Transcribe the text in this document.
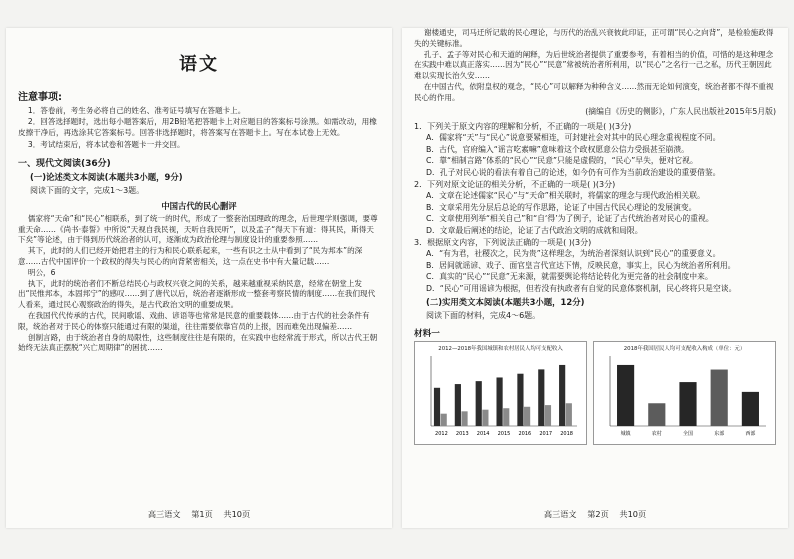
语文
注意事项:

1．答卷前，考生务必将自己的姓名、准考证号填写在答题卡上。

2．回答选择题时，选出每小题答案后，用2B铅笔把答题卡上对应题目的答案标号涂黑。如需改动，用橡皮擦干净后，再选涂其它答案标号。回答非选择题时，将答案写在答题卡上。写在本试卷上无效。

3．考试结束后，将本试卷和答题卡一并交回。

一、现代文阅读(36分)
(一)论述类文本阅读(本题共3小题，9分)
阅读下面的文字，完成1～3题。
中国古代的民心删评

儒家将“天命”和“民心”相联系，到了统一的时代，形成了一整套治国理政的理念，后世理学则强调，要尊重天命……《尚书·泰誓》中所说“天视自我民视，天听自我民听”，以及孟子“得天下有道：得其民，斯得天下矣”等论述，由于得到历代统治者的认可，逐渐成为政治伦理与制度设计的重要参照……

其下，此时的人们已经开始把君主的行为和民心联系起来，一些有识之士从中看到了“民为邦本”的深意……古代中国评价一个政权的得失与民心的向背紧密相关，这一点在史书中有大量记载……

明公，6

执下，此时的统治者们不断总结民心与政权兴衰之间的关系，越来越重视采纳民意，经常在朝堂上发出“民惟邦本，本固邦宁”的感叹……到了唐代以后，统治者逐渐形成一整套考察民情的制度……在我们现代人看来，通过民心观察政治的得失，是古代政治文明的重要成果。

在我国代代传承的古代，民间歌谣、戏曲、谚语等也常常是民意的重要载体……由于古代的社会条件有限，统治者对于民心的体察只能通过有限的渠道，往往需要依靠官员的上报，因而难免出现偏差……

创制言路，由于统治者自身的局限性，这些制度往往是有限的，在实践中也经常流于形式，所以古代王朝始终无法真正摆脱“兴亡周期律”的困扰……

高三语文 第1页 共10页

谢楼通史，司马迁所记载的民心理论，与历代的治乱兴衰彼此印证，正可谓“民心之向背”，是检验施政得失的关键标准。

孔子、孟子等对民心和天道的阐释，为后世统治者提供了重要参考，有着相当的价值，可惜的是这种理念在实践中难以真正落实……因为“民心”“民意”常被统治者所利用，以“民心”之名行一己之私，历代王朝因此难以实现长治久安……

在中国古代，依附皇权的观念，“民心”可以解释为种种含义……然而无论如何演变，统治者都不得不重视民心的作用。

(摘编自《历史的侧影》，广东人民出版社2015年5月版)

1．下列关于原文内容的理解和分析，不正确的一项是( )(3分)

A．儒家将“天”与“民心”说意要紧相连，可封建社会对其中的民心理念重视程度不同。

B．古代，官府编入“谣言吃素嘛”意味着这个政权愿意公信力受损甚至崩溃。

C．靠“相制言路”体系的“民心”“民意”只能是虚假的，“民心”早失，便对它视。

D．孔子对民心说的看法有着自己的论述，如今仍有可作为当前政治建设的重要借鉴。

2．下列对原文论证的相关分析，不正确的一项是( )(3分)

A．文章在论述儒家“民心”与“天命”相关联时，将儒家的理念与现代政治相关联。

B．文章采用先分层后总论的写作思路，论证了中国古代民心理论的发展演变。

C．文章使用列举“相关自己”和“自‘得’为了例子，论证了古代统治者对民心的重视。

D．文章最后阐述的结论，论证了古代政治文明的成就和局限。

3．根据原文内容，下列说法正确的一项是( )(3分)

A．“有为君，社稷次之，民为贵”这样理念，为统治者深刻认识到“民心”的重要意义。

B．居间就谣谚、戏子、面官皇言代宣达下情，反映民意，事实上，民心为统治者所利用。

C．真实的“民心”“民意”无来源，就需要舆论将结论转化为更完备的社会制度中来。

D．“民心”可用谣谚为根据，但若没有执政者有自觉的民意体察机制，民心终将只是空谈。

(二)实用类文本阅读(本题共3小题，12分)
阅读下面的材料，完成4～6题。
材料一
2012—2018年我国城镇和农村居民人均可支配收入
2012 2013 2014 2015 2016 2017 2018
2018年我国居民人均可支配收入构成（单位：元）
城镇	农村	全国	东部	西部
高三语文 第2页 共10页
